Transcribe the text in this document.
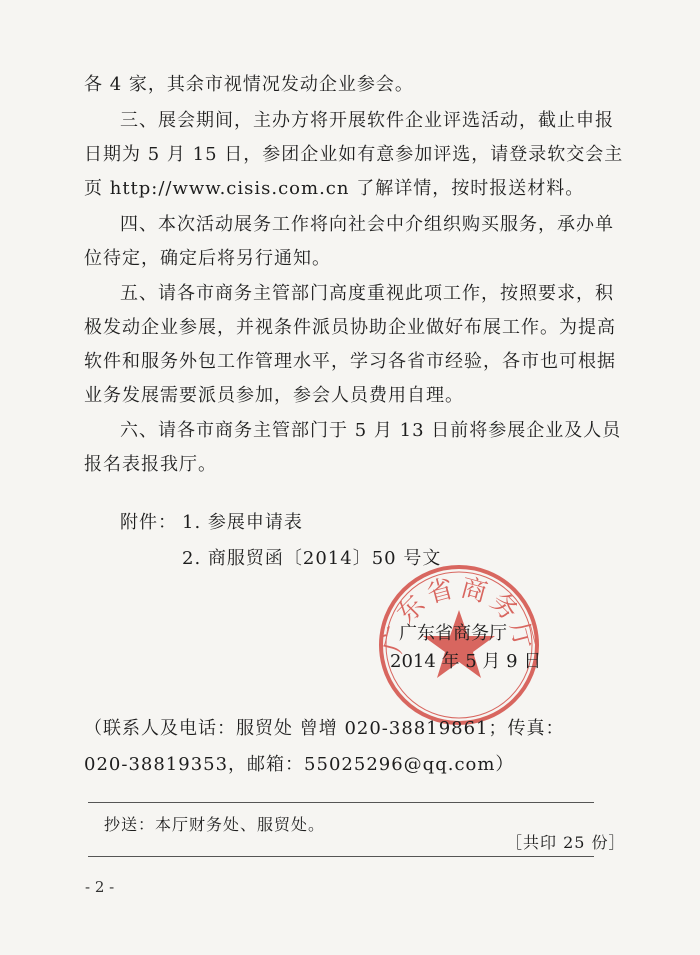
各 4 家，其余市视情况发动企业参会。
三、展会期间，主办方将开展软件企业评选活动，截止申报
日期为 5 月 15 日，参团企业如有意参加评选，请登录软交会主
页 http://www.cisis.com.cn 了解详情，按时报送材料。
四、本次活动展务工作将向社会中介组织购买服务，承办单
位待定，确定后将另行通知。
五、请各市商务主管部门高度重视此项工作，按照要求，积
极发动企业参展，并视条件派员协助企业做好布展工作。为提高
软件和服务外包工作管理水平，学习各省市经验，各市也可根据
业务发展需要派员参加，参会人员费用自理。
六、请各市商务主管部门于 5 月 13 日前将参展企业及人员
报名表报我厅。
附件： 1. 参展申请表
2. 商服贸函〔2014〕50 号文
广东省商务厅
广东省商务厅
2014 年 5 月 9 日
（联系人及电话：服贸处 曾增 020-38819861；传真：
020-38819353，邮箱：55025296@qq.com）
抄送：本厅财务处、服贸处。
［共印 25 份］
- 2 -
